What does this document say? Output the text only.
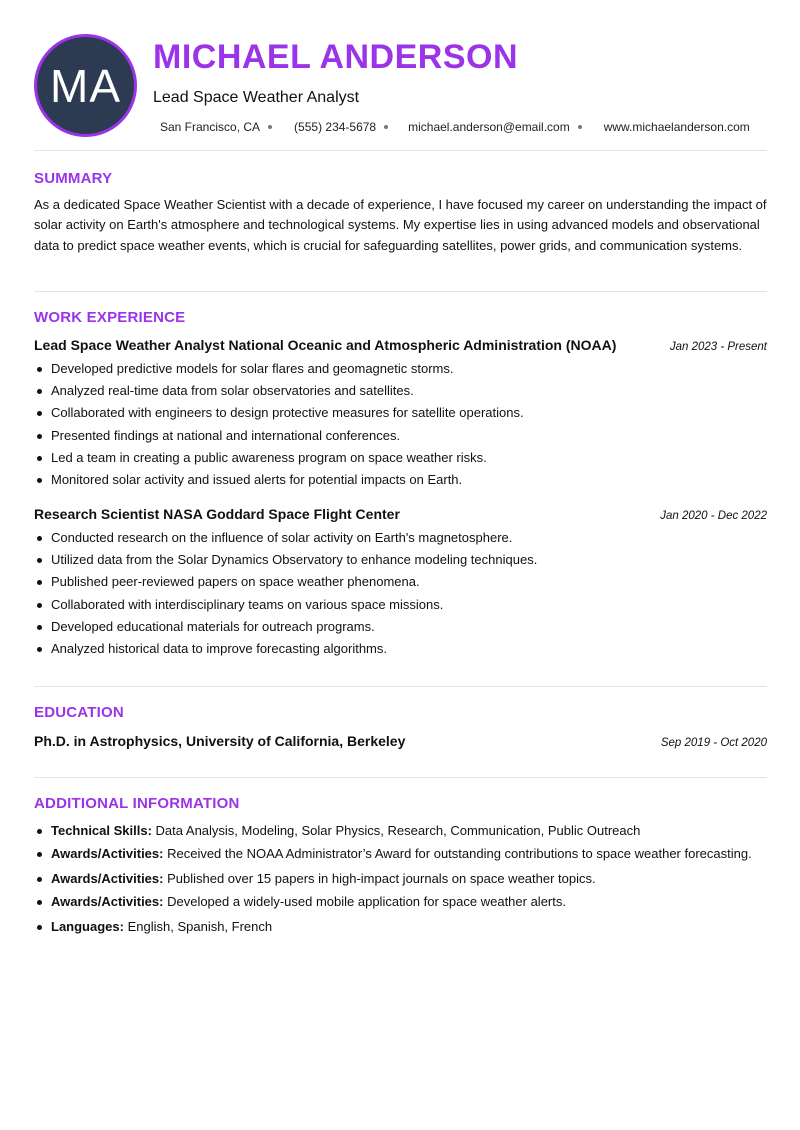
MA
MICHAEL ANDERSON
Lead Space Weather Analyst
San Francisco, CA	(555) 234-5678	michael.anderson@email.com	www.michaelanderson.com
SUMMARY
As a dedicated Space Weather Scientist with a decade of experience, I have focused my career on understanding the impact of solar activity on Earth's atmosphere and technological systems. My expertise lies in using advanced models and observational data to predict space weather events, which is crucial for safeguarding satellites, power grids, and communication systems.
WORK EXPERIENCE
Lead Space Weather Analyst National Oceanic and Atmospheric Administration (NOAA)	Jan 2023 - Present
Developed predictive models for solar flares and geomagnetic storms.
Analyzed real-time data from solar observatories and satellites.
Collaborated with engineers to design protective measures for satellite operations.
Presented findings at national and international conferences.
Led a team in creating a public awareness program on space weather risks.
Monitored solar activity and issued alerts for potential impacts on Earth.
Research Scientist NASA Goddard Space Flight Center	Jan 2020 - Dec 2022
Conducted research on the influence of solar activity on Earth's magnetosphere.
Utilized data from the Solar Dynamics Observatory to enhance modeling techniques.
Published peer-reviewed papers on space weather phenomena.
Collaborated with interdisciplinary teams on various space missions.
Developed educational materials for outreach programs.
Analyzed historical data to improve forecasting algorithms.
EDUCATION
Ph.D. in Astrophysics, University of California, Berkeley	Sep 2019 - Oct 2020
ADDITIONAL INFORMATION
Technical Skills: Data Analysis, Modeling, Solar Physics, Research, Communication, Public Outreach
Awards/Activities: Received the NOAA Administrator’s Award for outstanding contributions to space weather forecasting.
Awards/Activities: Published over 15 papers in high-impact journals on space weather topics.
Awards/Activities: Developed a widely-used mobile application for space weather alerts.
Languages: English, Spanish, French
